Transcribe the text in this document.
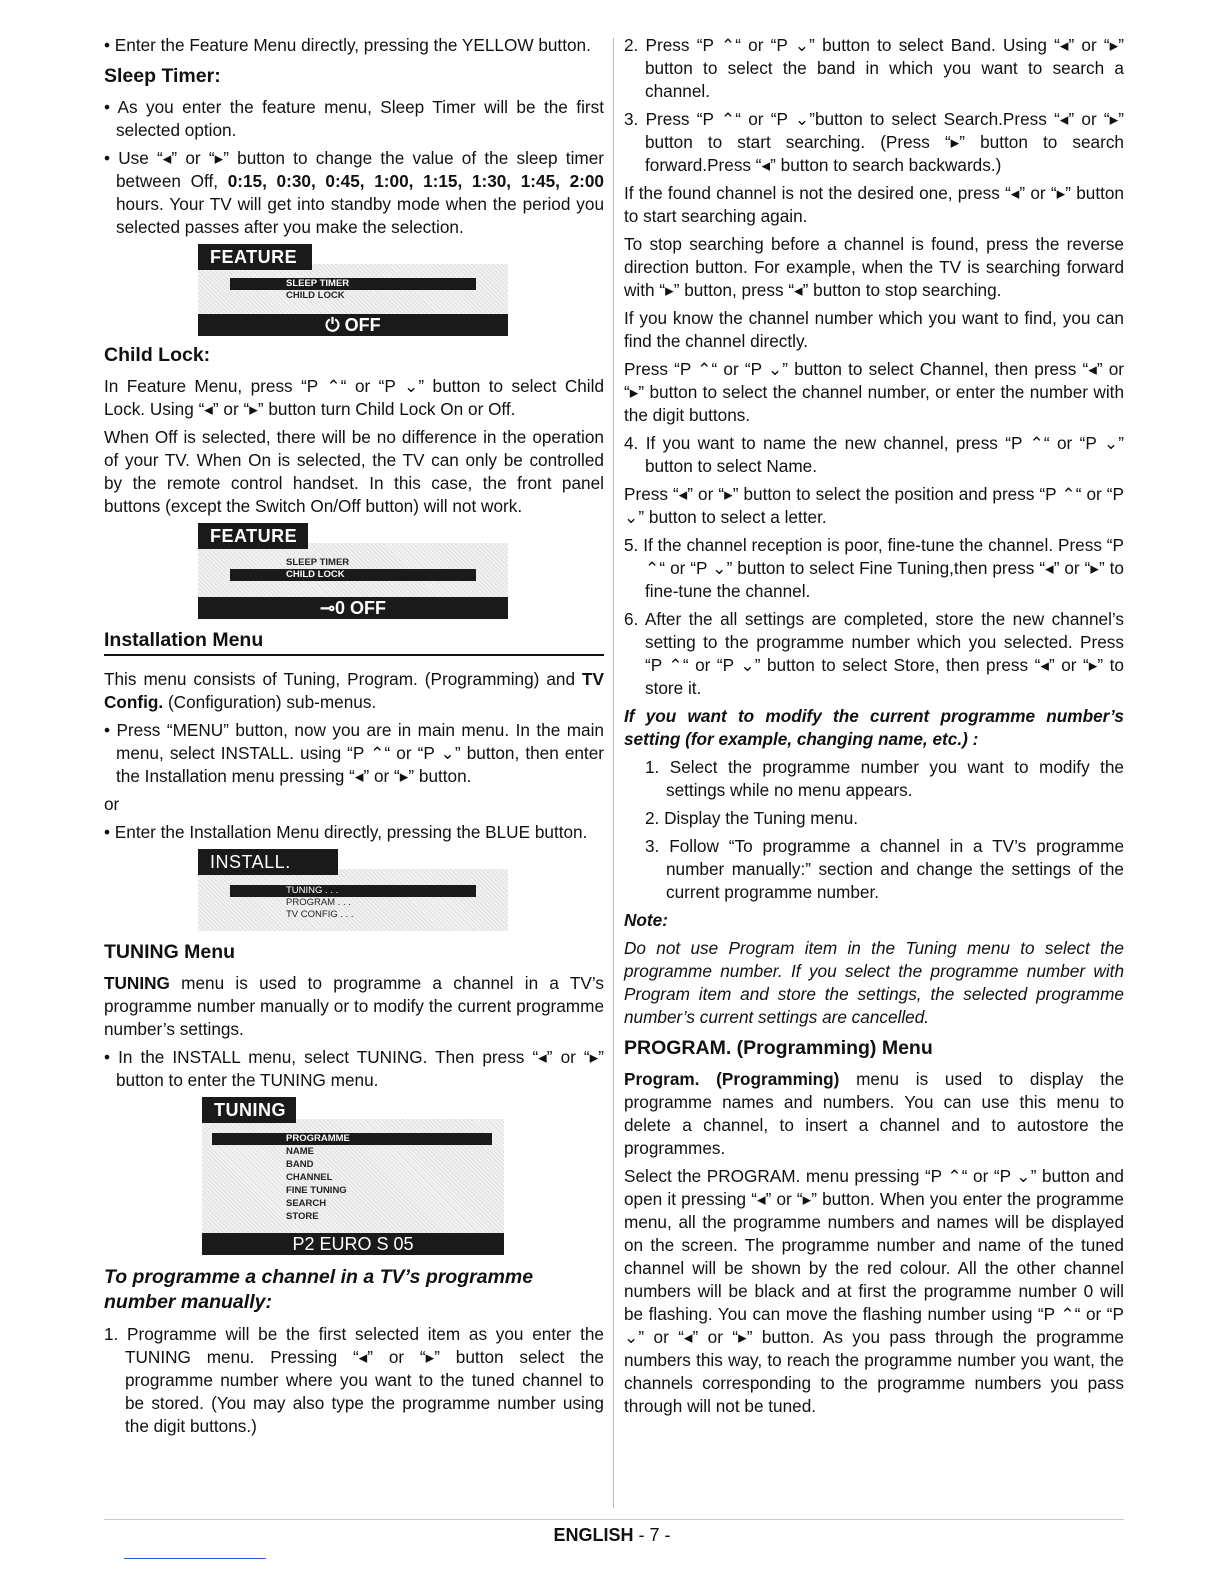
• Enter the Feature Menu directly, pressing the YELLOW button.

Sleep Timer:

• As you enter the feature menu, Sleep Timer will be the first selected option.

• Use “◂” or “▸” button to change the value of the sleep timer between Off, 0:15, 0:30, 0:45, 1:00, 1:15, 1:30, 1:45, 2:00 hours. Your TV will get into standby mode when the period you selected passes after you make the selection.

FEATURE
SLEEP TIMER
CHILD LOCK
⏻ OFF
Child Lock:

In Feature Menu, press “P ⌃“ or “P ⌄” button to select Child Lock. Using “◂” or “▸” button turn Child Lock On or Off.

When Off is selected, there will be no difference in the operation of your TV. When On is selected, the TV can only be controlled by the remote control handset. In this case, the front panel buttons (except the Switch On/Off button) will not work.

FEATURE
SLEEP TIMER
CHILD LOCK
⊸0 OFF
Installation Menu

This menu consists of Tuning, Program. (Programming) and TV Config. (Configuration) sub-menus.

• Press “MENU” button, now you are in main menu. In the main menu, select INSTALL. using “P ⌃“ or “P ⌄” button, then enter the Installation menu pressing “◂” or “▸” button.

or

• Enter the Installation Menu directly, pressing the BLUE button.

INSTALL.
TUNING . . .
PROGRAM . . .
TV CONFIG . . .
TUNING Menu

TUNING menu is used to programme a channel in a TV’s programme number manually or to modify the current programme number’s settings.

• In the INSTALL menu, select TUNING. Then press “◂” or “▸” button to enter the TUNING menu.

TUNING
PROGRAMME
NAME
BAND
CHANNEL
FINE TUNING
SEARCH
STORE
P2 EURO S 05
To programme a channel in a TV’s programme number manually:

1. Programme will be the first selected item as you enter the TUNING menu. Pressing “◂” or “▸” button select the programme number where you want to the tuned channel to be stored. (You may also type the programme number using the digit buttons.)

2. Press “P ⌃“ or “P ⌄” button to select Band. Using “◂” or “▸” button to select the band in which you want to search a channel.

3. Press “P ⌃“ or “P ⌄”button to select Search.Press “◂” or “▸” button to start searching. (Press “▸” button to search forward.Press “◂” button to search backwards.)

If the found channel is not the desired one, press “◂” or “▸” button to start searching again.

To stop searching before a channel is found, press the reverse direction button. For example, when the TV is searching forward with “▸” button, press “◂” button to stop searching.

If you know the channel number which you want to find, you can find the channel directly.

Press “P ⌃“ or “P ⌄” button to select Channel, then press “◂” or “▸” button to select the channel number, or enter the number with the digit buttons.

4. If you want to name the new channel, press “P ⌃“ or “P ⌄” button to select Name.

Press “◂” or “▸” button to select the position and press “P ⌃“ or “P ⌄” button to select a letter.

5. If the channel reception is poor, fine-tune the channel. Press “P ⌃“ or “P ⌄” button to select Fine Tuning,then press “◂” or “▸” to fine-tune the channel.

6. After the all settings are completed, store the new channel’s setting to the programme number which you selected. Press “P ⌃“ or “P ⌄” button to select Store, then press “◂” or “▸” to store it.

If you want to modify the current programme number’s setting (for example, changing name, etc.) :

1. Select the programme number you want to modify the settings while no menu appears.

2. Display the Tuning menu.

3. Follow “To programme a channel in a TV’s programme number manually:” section and change the settings of the current programme number.

Note:

Do not use Program item in the Tuning menu to select the programme number. If you select the programme number with Program item and store the settings, the selected programme number’s current settings are cancelled.

PROGRAM. (Programming) Menu

Program. (Programming) menu is used to display the programme names and numbers. You can use this menu to delete a channel, to insert a channel and to autostore the programmes.

Select the PROGRAM. menu pressing “P ⌃“ or “P ⌄” button and open it pressing “◂” or “▸” button. When you enter the programme menu, all the programme numbers and names will be displayed on the screen. The programme number and name of the tuned channel will be shown by the red colour. All the other channel numbers will be black and at first the programme number 0 will be flashing. You can move the flashing number using “P ⌃“ or “P ⌄” or “◂” or “▸” button. As you pass through the programme numbers this way, to reach the programme number you want, the channels corresponding to the programme numbers you pass through will not be tuned.

ENGLISH - 7 -
